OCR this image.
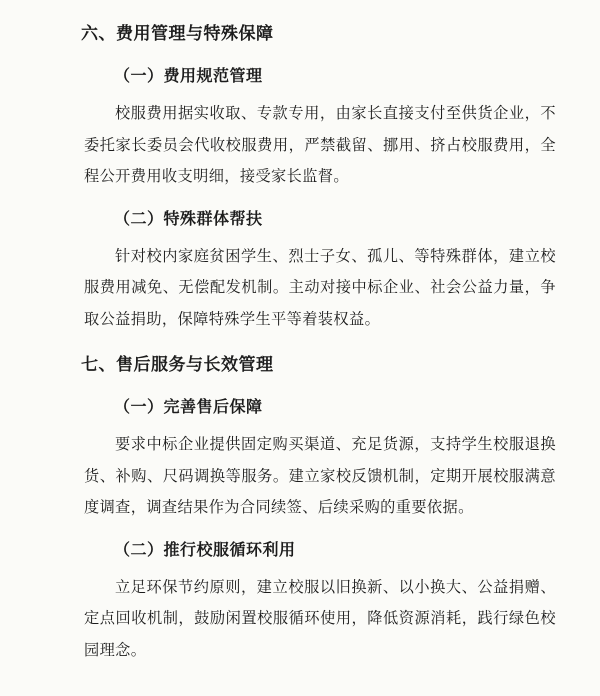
六、费用管理与特殊保障
（一）费用规范管理

校服费用据实收取、专款专用，由家长直接支付至供货企业，不委托家长委员会代收校服费用，严禁截留、挪用、挤占校服费用，全程公开费用收支明细，接受家长监督。

（二）特殊群体帮扶

针对校内家庭贫困学生、烈士子女、孤儿、等特殊群体，建立校服费用减免、无偿配发机制。主动对接中标企业、社会公益力量，争取公益捐助，保障特殊学生平等着装权益。

七、售后服务与长效管理
（一）完善售后保障

要求中标企业提供固定购买渠道、充足货源，支持学生校服退换货、补购、尺码调换等服务。建立家校反馈机制，定期开展校服满意度调查，调查结果作为合同续签、后续采购的重要依据。

（二）推行校服循环利用

立足环保节约原则，建立校服以旧换新、以小换大、公益捐赠、定点回收机制，鼓励闲置校服循环使用，降低资源消耗，践行绿色校园理念。
